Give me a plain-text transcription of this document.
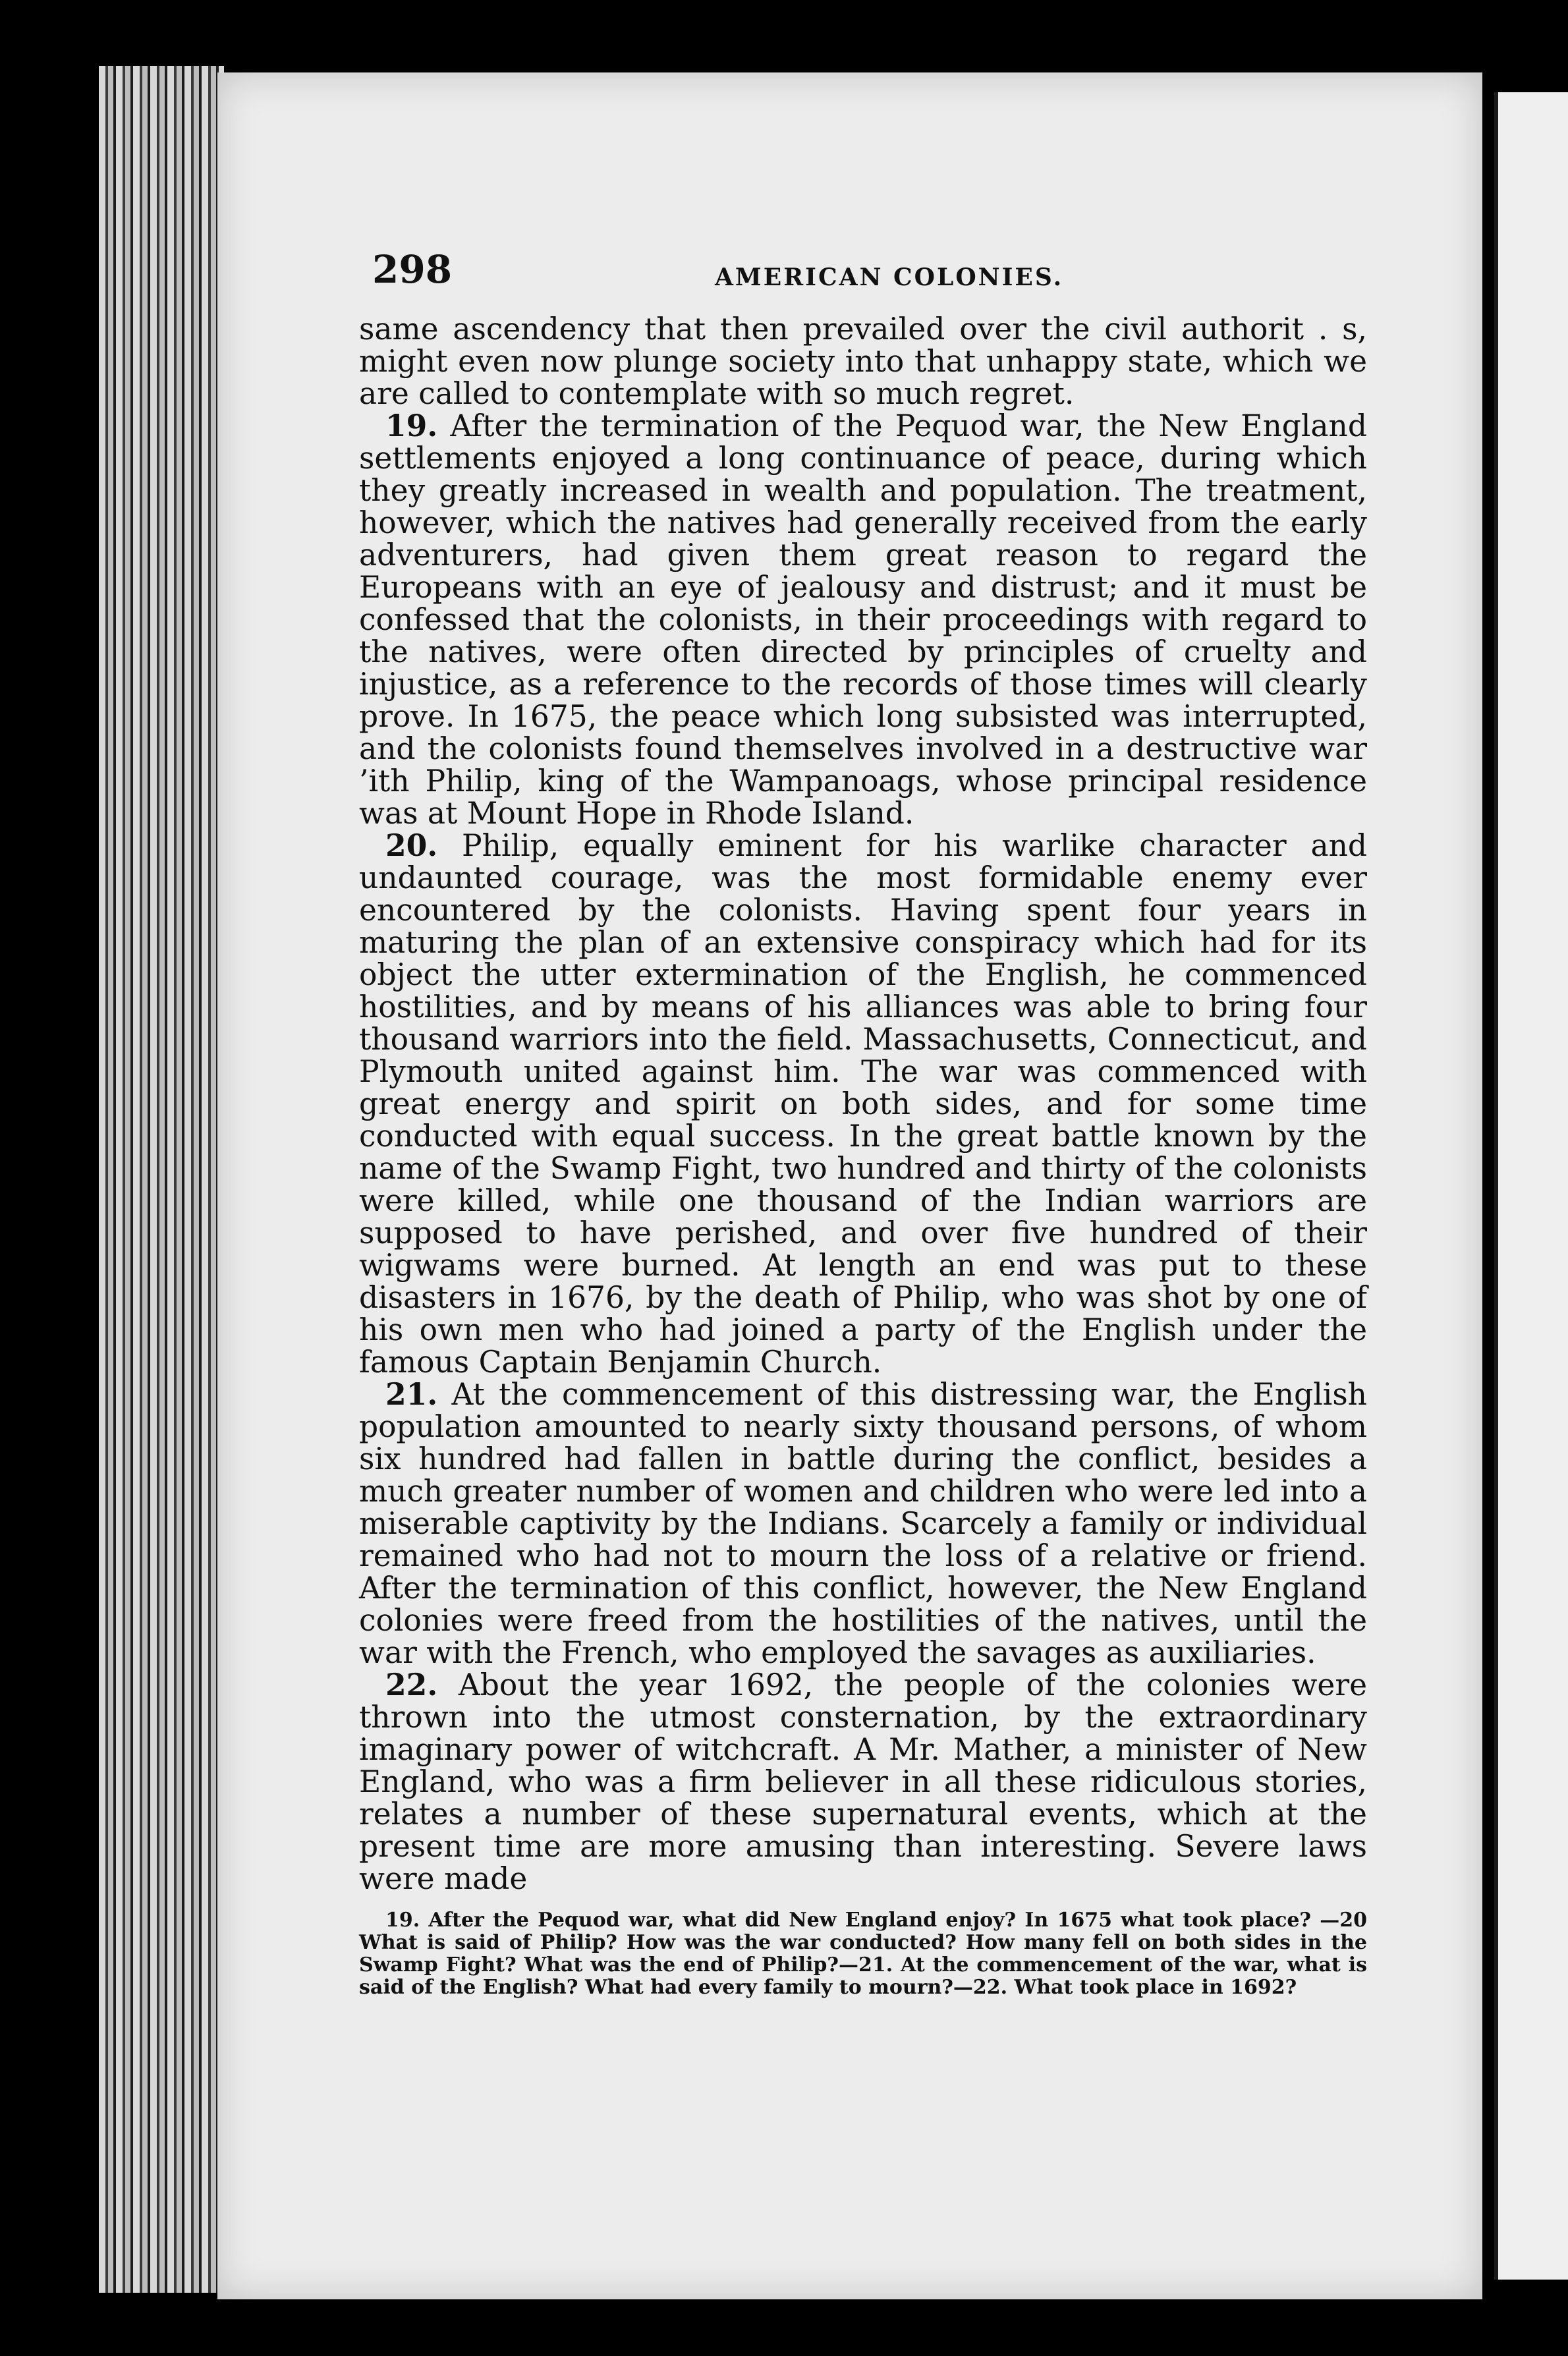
298	AMERICAN COLONIES.

same ascendency that then prevailed over the civil authorit . s, might even now plunge society into that unhappy state, which we are called to contemplate with so much regret.

19. After the termination of the Pequod war, the New England settlements enjoyed a long continuance of peace, during which they greatly increased in wealth and population. The treatment, however, which the natives had generally received from the early adventurers, had given them great reason to regard the Europeans with an eye of jealousy and distrust; and it must be confessed that the colonists, in their proceedings with regard to the natives, were often directed by principles of cruelty and injustice, as a reference to the records of those times will clearly prove. In 1675, the peace which long subsisted was interrupted, and the colonists found themselves involved in a destructive war ’ith Philip, king of the Wampanoags, whose principal residence was at Mount Hope in Rhode Island.

20. Philip, equally eminent for his warlike character and undaunted courage, was the most formidable enemy ever encountered by the colonists. Having spent four years in maturing the plan of an extensive conspiracy which had for its object the utter extermination of the English, he commenced hostilities, and by means of his alliances was able to bring four thousand warriors into the field. Massachusetts, Connecticut, and Plymouth united against him. The war was commenced with great energy and spirit on both sides, and for some time conducted with equal success. In the great battle known by the name of the Swamp Fight, two hundred and thirty of the colonists were killed, while one thousand of the Indian warriors are supposed to have perished, and over five hundred of their wigwams were burned. At length an end was put to these disasters in 1676, by the death of Philip, who was shot by one of his own men who had joined a party of the English under the famous Captain Benjamin Church.

21. At the commencement of this distressing war, the English population amounted to nearly sixty thousand persons, of whom six hundred had fallen in battle during the conflict, besides a much greater number of women and children who were led into a miserable captivity by the Indians. Scarcely a family or individual remained who had not to mourn the loss of a relative or friend. After the termination of this conflict, however, the New England colonies were freed from the hostilities of the natives, until the war with the French, who employed the savages as auxiliaries.

22. About the year 1692, the people of the colonies were thrown into the utmost consternation, by the extraordinary imaginary power of witchcraft. A Mr. Mather, a minister of New England, who was a firm believer in all these ridiculous stories, relates a number of these supernatural events, which at the present time are more amusing than interesting. Severe laws were made

19. After the Pequod war, what did New England enjoy? In 1675 what took place? —20 What is said of Philip? How was the war conducted? How many fell on both sides in the Swamp Fight? What was the end of Philip?—21. At the commencement of the war, what is said of the English? What had every family to mourn?—22. What took place in 1692?
